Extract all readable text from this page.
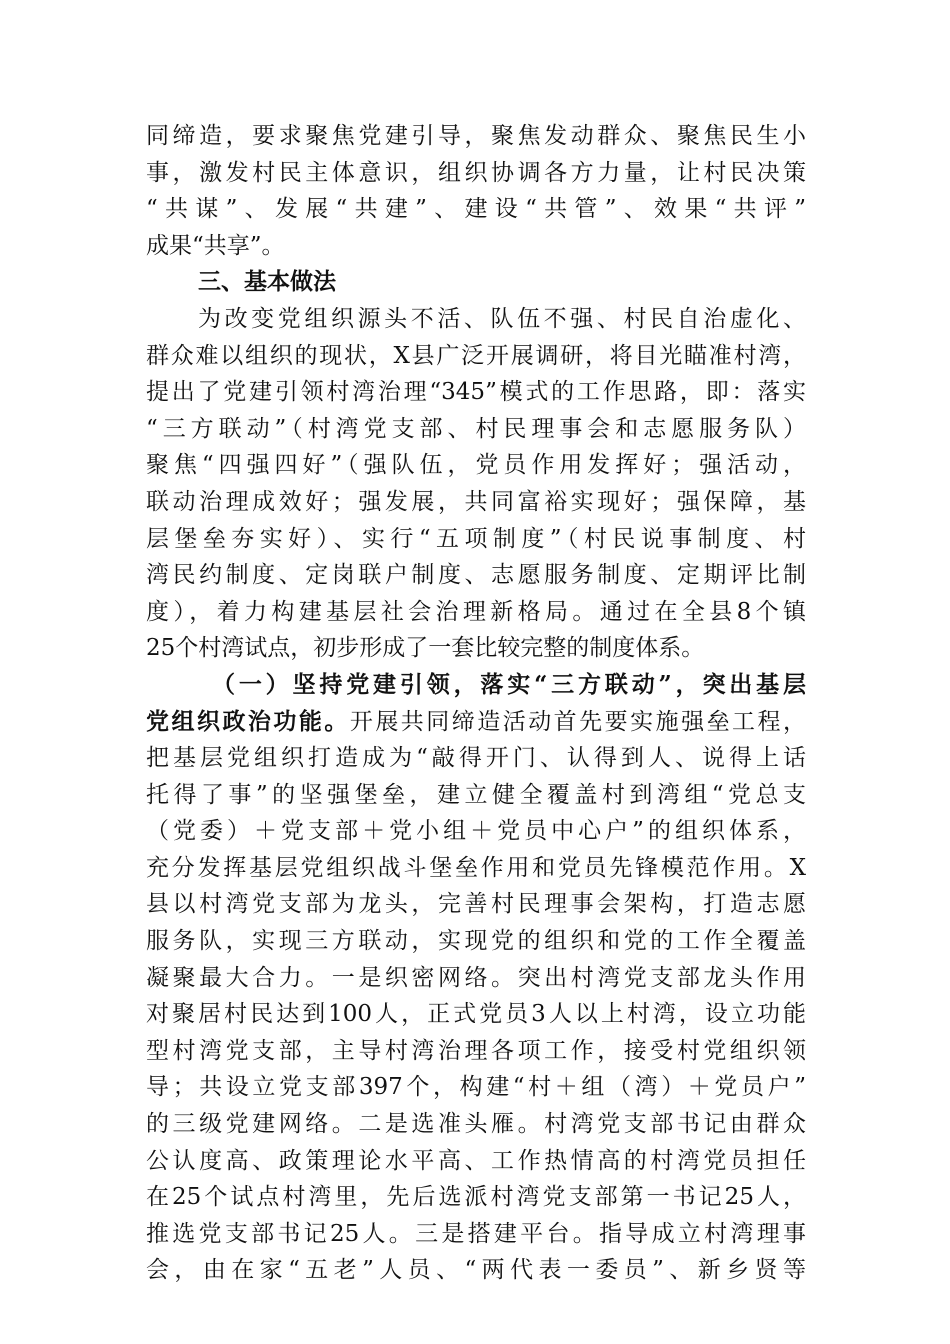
同缔造，要求聚焦党建引导，聚焦发动群众、聚焦民生小
事，激发村民主体意识，组织协调各方力量，让村民决策
“共谋”、发展“共建”、建设“共管”、效果“共评”
成果“共享”。
三、基本做法
为改变党组织源头不活、队伍不强、村民自治虚化、
群众难以组织的现状，X县广泛开展调研，将目光瞄准村湾，
提出了党建引领村湾治理“345”模式的工作思路，即：落实
“三方联动”（村湾党支部、村民理事会和志愿服务队）
聚焦“四强四好”（强队伍，党员作用发挥好；强活动，
联动治理成效好；强发展，共同富裕实现好；强保障，基
层堡垒夯实好）、实行“五项制度”（村民说事制度、村
湾民约制度、定岗联户制度、志愿服务制度、定期评比制
度），着力构建基层社会治理新格局。通过在全县8个镇
25个村湾试点，初步形成了一套比较完整的制度体系。
（一）坚持党建引领，落实“三方联动”，突出基层
党组织政治功能。开展共同缔造活动首先要实施强垒工程，
把基层党组织打造成为“敲得开门、认得到人、说得上话
托得了事”的坚强堡垒，建立健全覆盖村到湾组“党总支
（党委）＋党支部＋党小组＋党员中心户”的组织体系，
充分发挥基层党组织战斗堡垒作用和党员先锋模范作用。X
县以村湾党支部为龙头，完善村民理事会架构，打造志愿
服务队，实现三方联动，实现党的组织和党的工作全覆盖
凝聚最大合力。一是织密网络。突出村湾党支部龙头作用
对聚居村民达到100人，正式党员3人以上村湾，设立功能
型村湾党支部，主导村湾治理各项工作，接受村党组织领
导；共设立党支部397个，构建“村＋组（湾）＋党员户”
的三级党建网络。二是选准头雁。村湾党支部书记由群众
公认度高、政策理论水平高、工作热情高的村湾党员担任
在25个试点村湾里，先后选派村湾党支部第一书记25人，
推选党支部书记25人。三是搭建平台。指导成立村湾理事
会，由在家“五老”人员、“两代表一委员”、新乡贤等
